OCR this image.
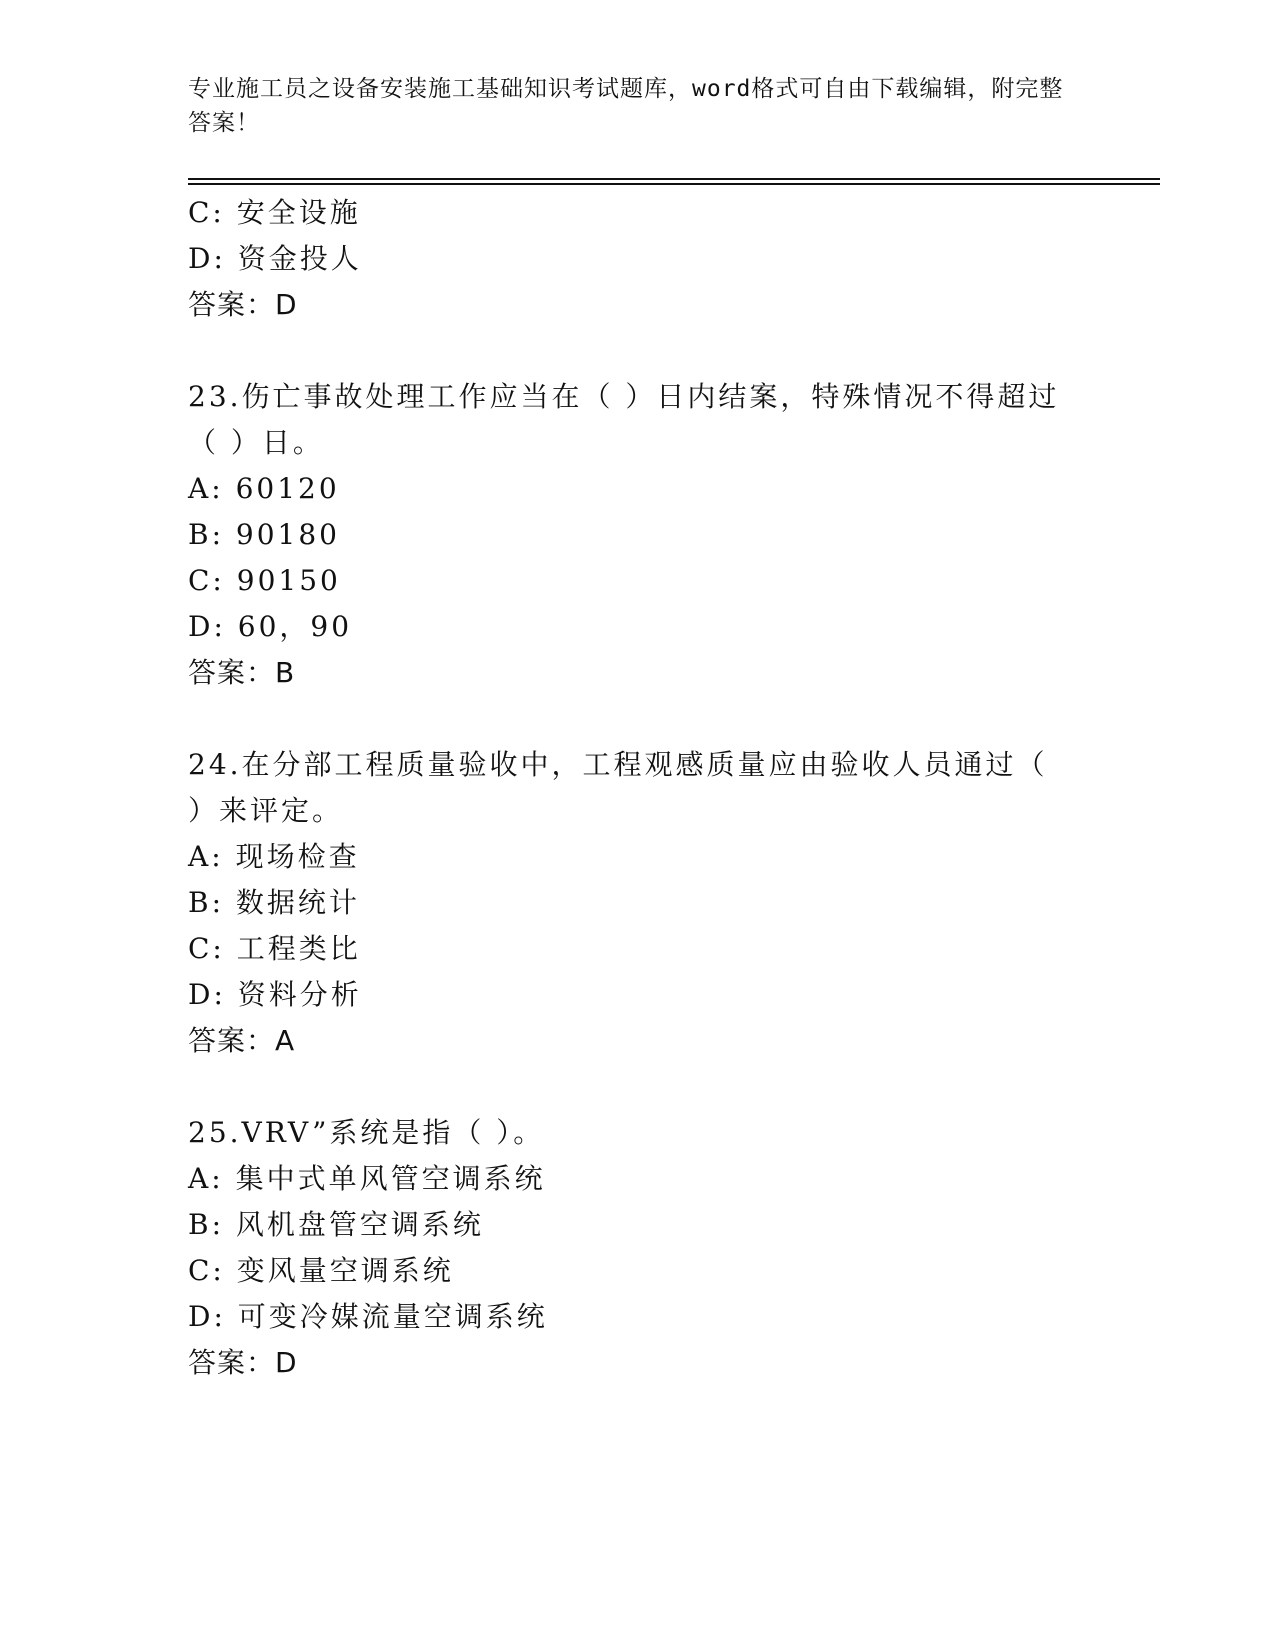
专业施工员之设备安装施工基础知识考试题库，word格式可自由下载编辑，附完整答案！
C: 安全设施
D: 资金投人
答案：D
23.伤亡事故处理工作应当在（ ）日内结案，特殊情况不得超过（ ）日。
A: 60120
B: 90180
C: 90150
D: 60，90
答案：B
24.在分部工程质量验收中，工程观感质量应由验收人员通过（ ）来评定。
A: 现场检查
B: 数据统计
C: 工程类比
D: 资料分析
答案：A
25.VRV”系统是指（ ）。
A: 集中式单风管空调系统
B: 风机盘管空调系统
C: 变风量空调系统
D: 可变冷媒流量空调系统
答案：D
